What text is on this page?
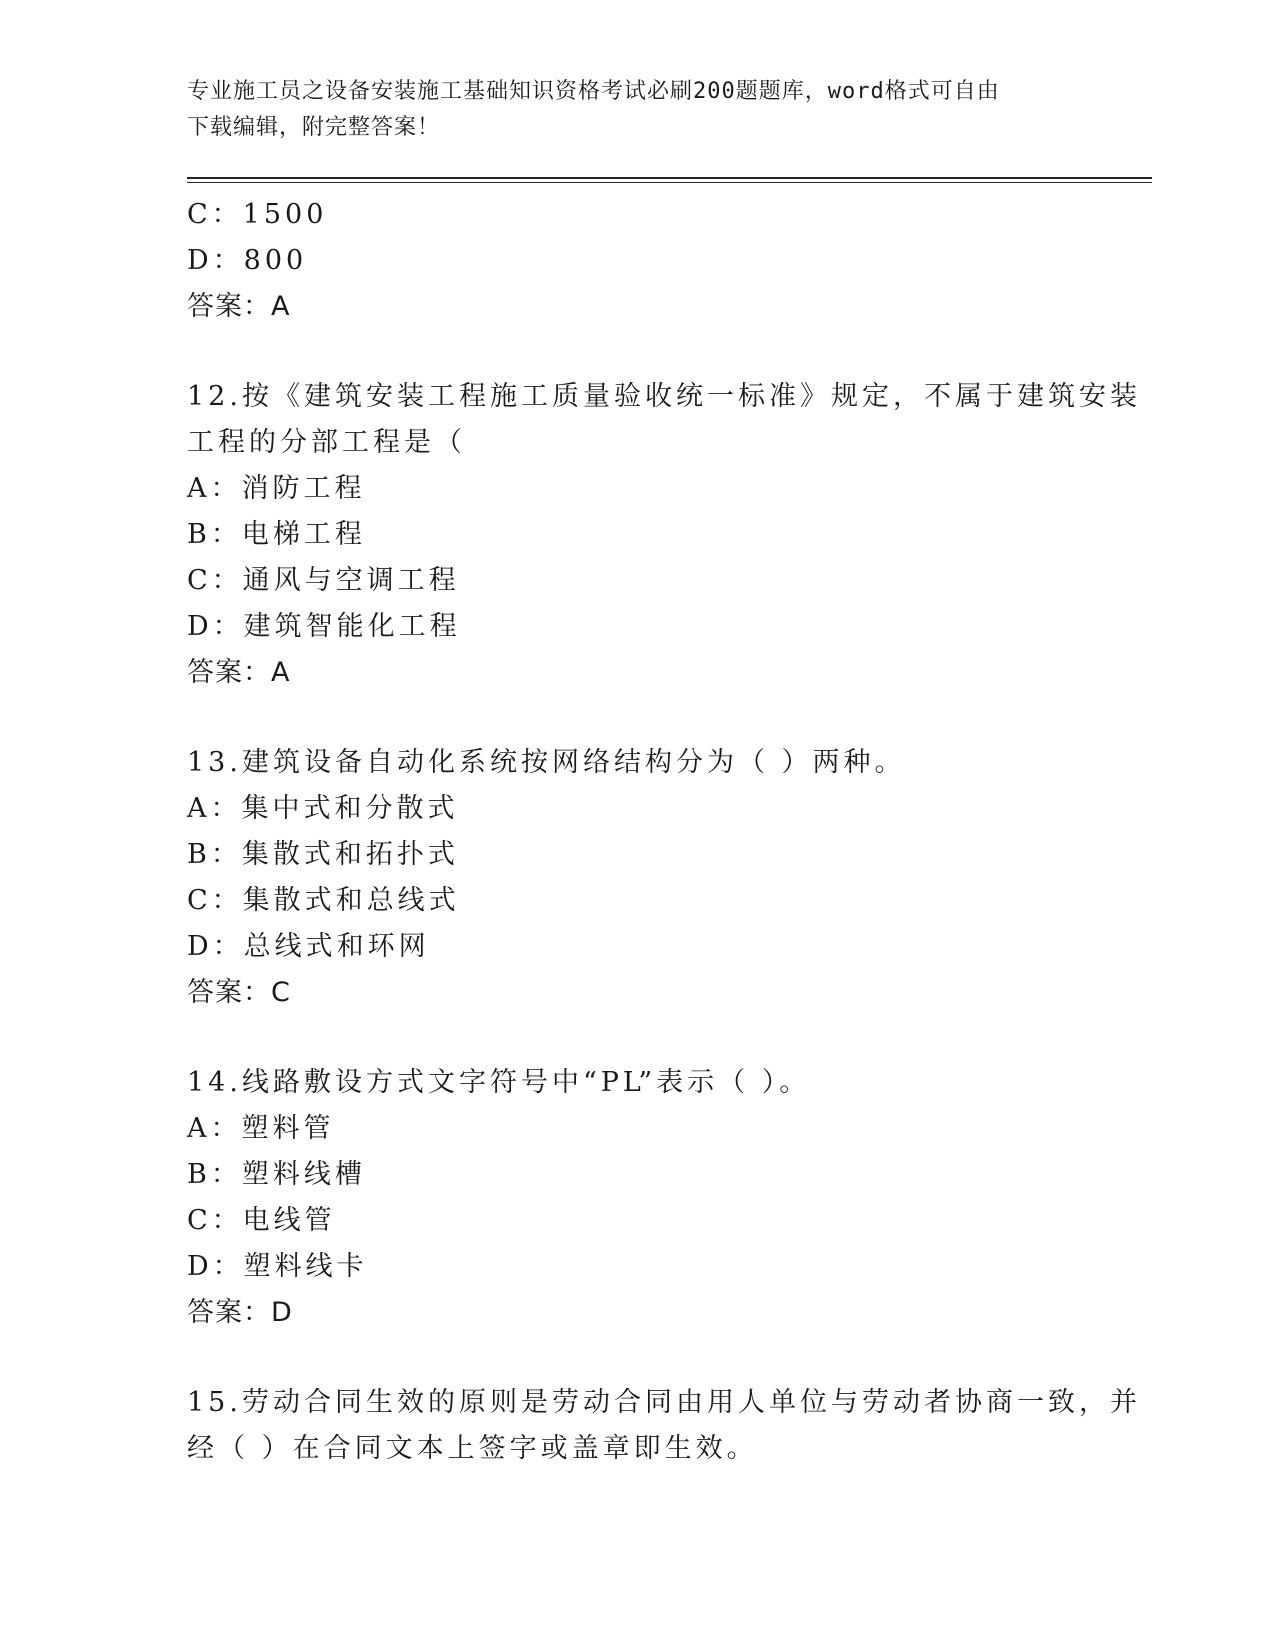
专业施工员之设备安装施工基础知识资格考试必刷200题题库，word格式可自由
下载编辑，附完整答案！
C：1500
D：800
答案：A
12.按《建筑安装工程施工质量验收统一标准》规定，不属于建筑安装
工程的分部工程是（
A：消防工程
B：电梯工程
C：通风与空调工程
D：建筑智能化工程
答案：A
13.建筑设备自动化系统按网络结构分为（ ）两种。
A：集中式和分散式
B：集散式和拓扑式
C：集散式和总线式
D：总线式和环网
答案：C
14.线路敷设方式文字符号中“PL”表示（ ）。
A：塑料管
B：塑料线槽
C：电线管
D：塑料线卡
答案：D
15.劳动合同生效的原则是劳动合同由用人单位与劳动者协商一致，并
经（ ）在合同文本上签字或盖章即生效。
